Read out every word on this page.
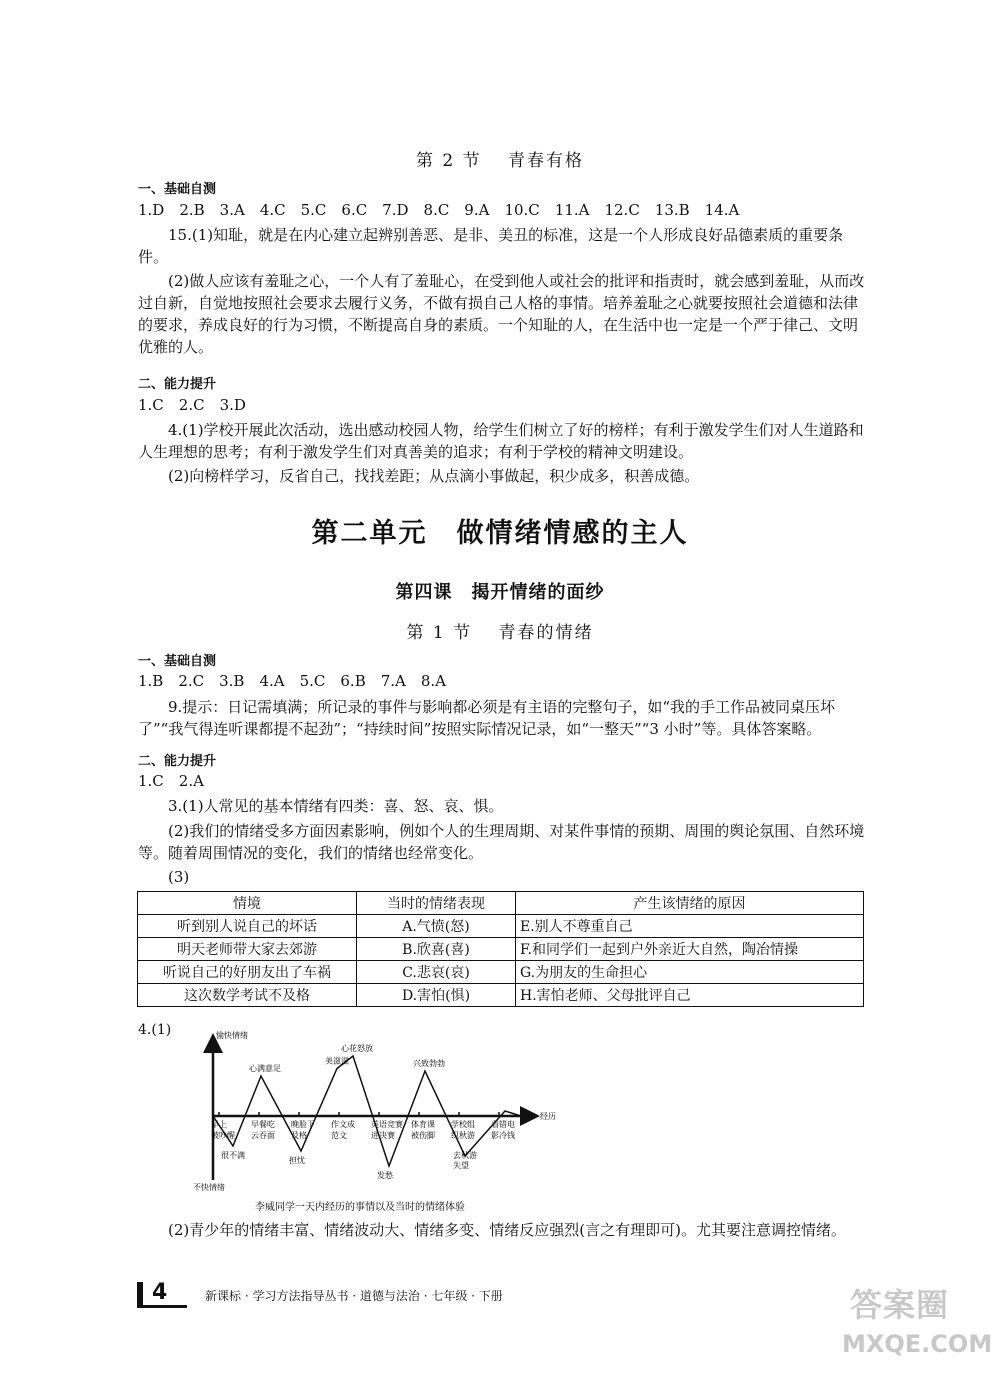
第 2 节　 青春有格
一、基础自测
1.D　2.B　3.A　4.C　5.C　6.C　7.D　8.C　9.A　10.C　11.A　12.C　13.B　14.A
15.(1)知耻，就是在内心建立起辨别善恶、是非、美丑的标准，这是一个人形成良好品德素质的重要条件。
(2)做人应该有羞耻之心，一个人有了羞耻心，在受到他人或社会的批评和指责时，就会感到羞耻，从而改过自新，自觉地按照社会要求去履行义务，不做有损自己人格的事情。培养羞耻之心就要按照社会道德和法律的要求，养成良好的行为习惯，不断提高自身的素质。一个知耻的人，在生活中也一定是一个严于律己、文明优雅的人。
二、能力提升
1.C　2.C　3.D
4.(1)学校开展此次活动，选出感动校园人物，给学生们树立了好的榜样；有利于激发学生们对人生道路和人生理想的思考；有利于激发学生们对真善美的追求；有利于学校的精神文明建设。
(2)向榜样学习，反省自己，找找差距；从点滴小事做起，积少成多，积善成德。
第二单元　做情绪情感的主人
第四课　揭开情绪的面纱
第 1 节　 青春的情绪
一、基础自测
1.B　2.C　3.B　4.A　5.C　6.B　7.A　8.A
9.提示：日记需填满；所记录的事件与影响都必须是有主语的完整句子，如“我的手工作品被同桌压坏了”“我气得连听课都提不起劲”；“持续时间”按照实际情况记录，如“一整天”“3 小时”等。具体答案略。
二、能力提升
1.C　2.A
3.(1)人常见的基本情绪有四类：喜、怒、哀、惧。
(2)我们的情绪受多方面因素影响，例如个人的生理周期、对某件事情的预期、周围的舆论氛围、自然环境等。随着周围情况的变化，我们的情绪也经常变化。
(3)
情境	当时的情绪表现	产生该情绪的原因
听到别人说自己的坏话	A.气愤(怒)	E.别人不尊重自己
明天老师带大家去郊游	B.欣喜(喜)	F.和同学们一起到户外亲近大自然，陶冶情操
听说自己的好朋友出了车祸	C.悲哀(哀)	G.为朋友的生命担心
这次数学考试不及格	D.害怕(惧)	H.害怕老师、父母批评自己
4.(1)
早上
被吵醒
早餐吃
云吞面
晚脸下
及格
作文成
范文
英语竞赛
进决赛
体育课
被伤脚
学校组
织秋游
看错电
影冷钱
很不满
心满意足
担忧
美滋滋
心花怒放
发愁
兴致勃勃
去秋游
失望
愉快情绪
不快情绪
经历
李威同学一天内经历的事情以及当时的情绪体验
(2)青少年的情绪丰富、情绪波动大、情绪多变、情绪反应强烈(言之有理即可)。尤其要注意调控情绪。
4	新课标 · 学习方法指导丛书 · 道德与法治 · 七年级 · 下册	答案圈
MXQE.COM
